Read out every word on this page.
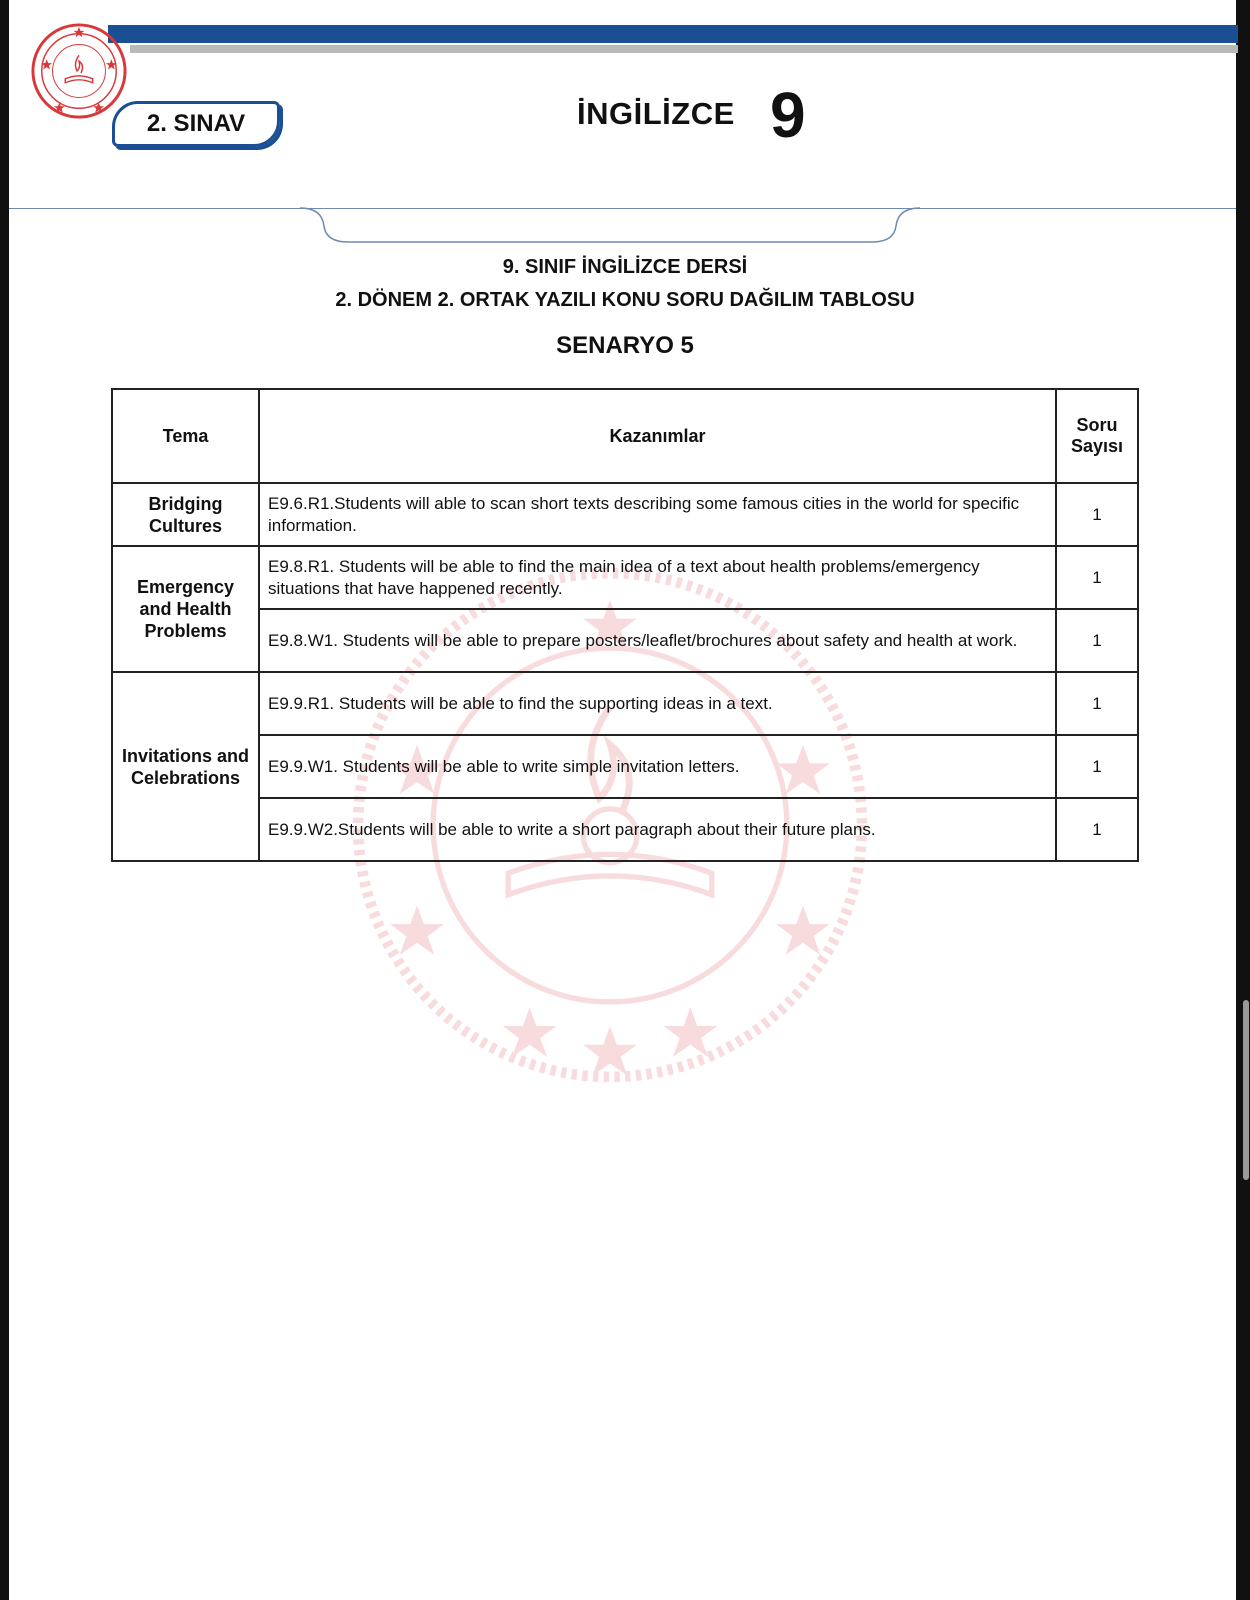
2. SINAV	İNGİLİZCE 9
9. SINIF İNGİLİZCE DERSİ
2. DÖNEM 2. ORTAK YAZILI KONU SORU DAĞILIM TABLOSU
SENARYO 5
Tema	Kazanımlar	Soru Sayısı
Bridging Cultures	E9.6.R1.Students will able to scan short texts describing some famous cities in the world for specific information.	1
Emergency and Health Problems	E9.8.R1. Students will be able to find the main idea of a text about health problems/emergency situations that have happened recently.	1
	E9.8.W1. Students will be able to prepare posters/leaflet/brochures about safety and health at work.	1
Invitations and Celebrations	E9.9.R1. Students will be able to find the supporting ideas in a text.	1
	E9.9.W1. Students will be able to write simple invitation letters.	1
	E9.9.W2.Students will be able to write a short paragraph about their future plans.	1
